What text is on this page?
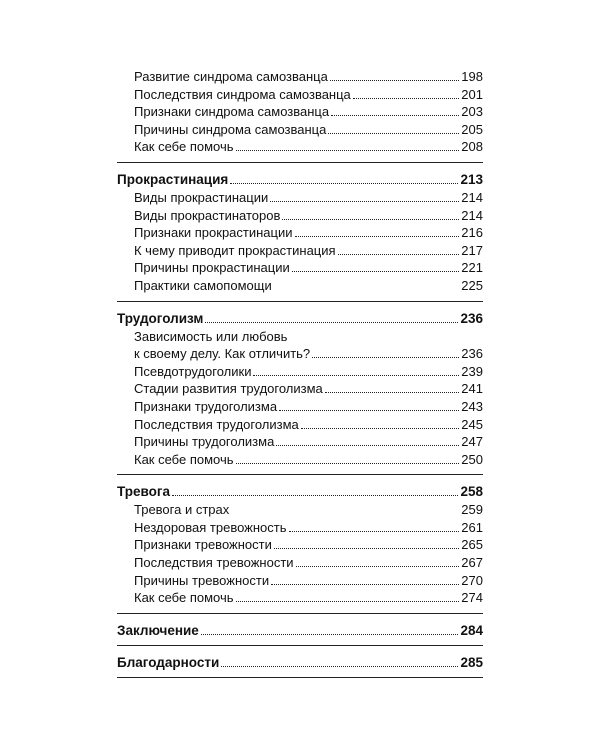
Развитие синдрома самозванца	198
Последствия синдрома самозванца	201
Признаки синдрома самозванца	203
Причины синдрома самозванца	205
Как себе помочь	208
Прокрастинация	213
Виды прокрастинации	214
Виды прокрастинаторов	214
Признаки прокрастинации	216
К чему приводит прокрастинация	217
Причины прокрастинации	221
Практики самопомощи	225
Трудоголизм	236
Зависимость или любовь
к своему делу. Как отличить?	236
Псевдотрудоголики	239
Стадии развития трудоголизма	241
Признаки трудоголизма	243
Последствия трудоголизма	245
Причины трудоголизма	247
Как себе помочь	250
Тревога	258
Тревога и страх	259
Нездоровая тревожность	261
Признаки тревожности	265
Последствия тревожности	267
Причины тревожности	270
Как себе помочь	274
Заключение	284
Благодарности	285
